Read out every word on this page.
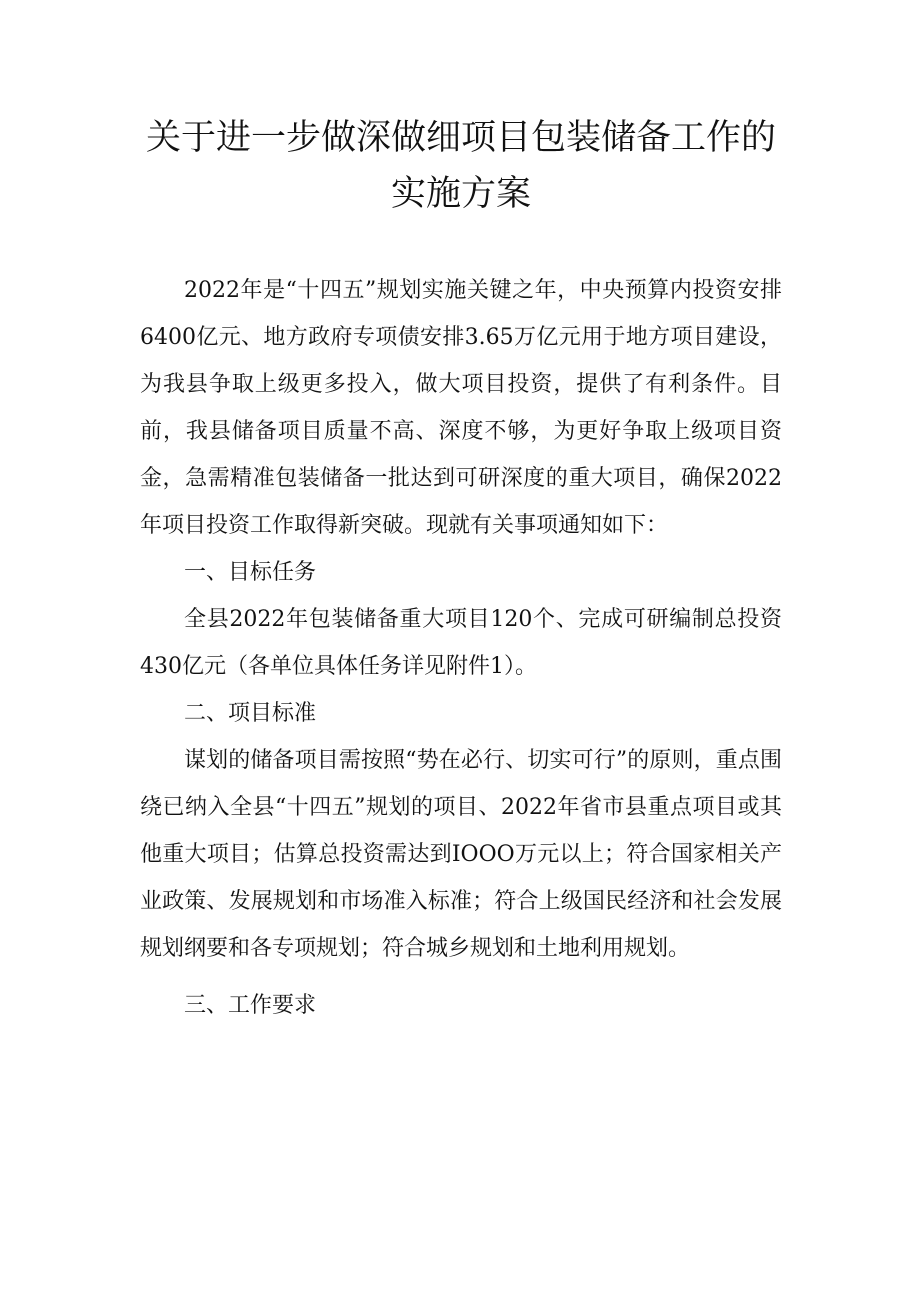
关于进一步做深做细项目包装储备工作的
实施方案

2022年是“十四五”规划实施关键之年，中央预算内投资安排6400亿元、地方政府专项债安排3.65万亿元用于地方项目建设，为我县争取上级更多投入，做大项目投资，提供了有利条件。目前，我县储备项目质量不高、深度不够，为更好争取上级项目资金，急需精准包装储备一批达到可研深度的重大项目，确保2022年项目投资工作取得新突破。现就有关事项通知如下：

一、目标任务

全县2022年包装储备重大项目120个、完成可研编制总投资430亿元（各单位具体任务详见附件1）。

二、项目标准

谋划的储备项目需按照“势在必行、切实可行”的原则，重点围绕已纳入全县“十四五”规划的项目、2022年省市县重点项目或其他重大项目；估算总投资需达到IOOO万元以上；符合国家相关产业政策、发展规划和市场准入标准；符合上级国民经济和社会发展规划纲要和各专项规划；符合城乡规划和土地利用规划。

三、工作要求
